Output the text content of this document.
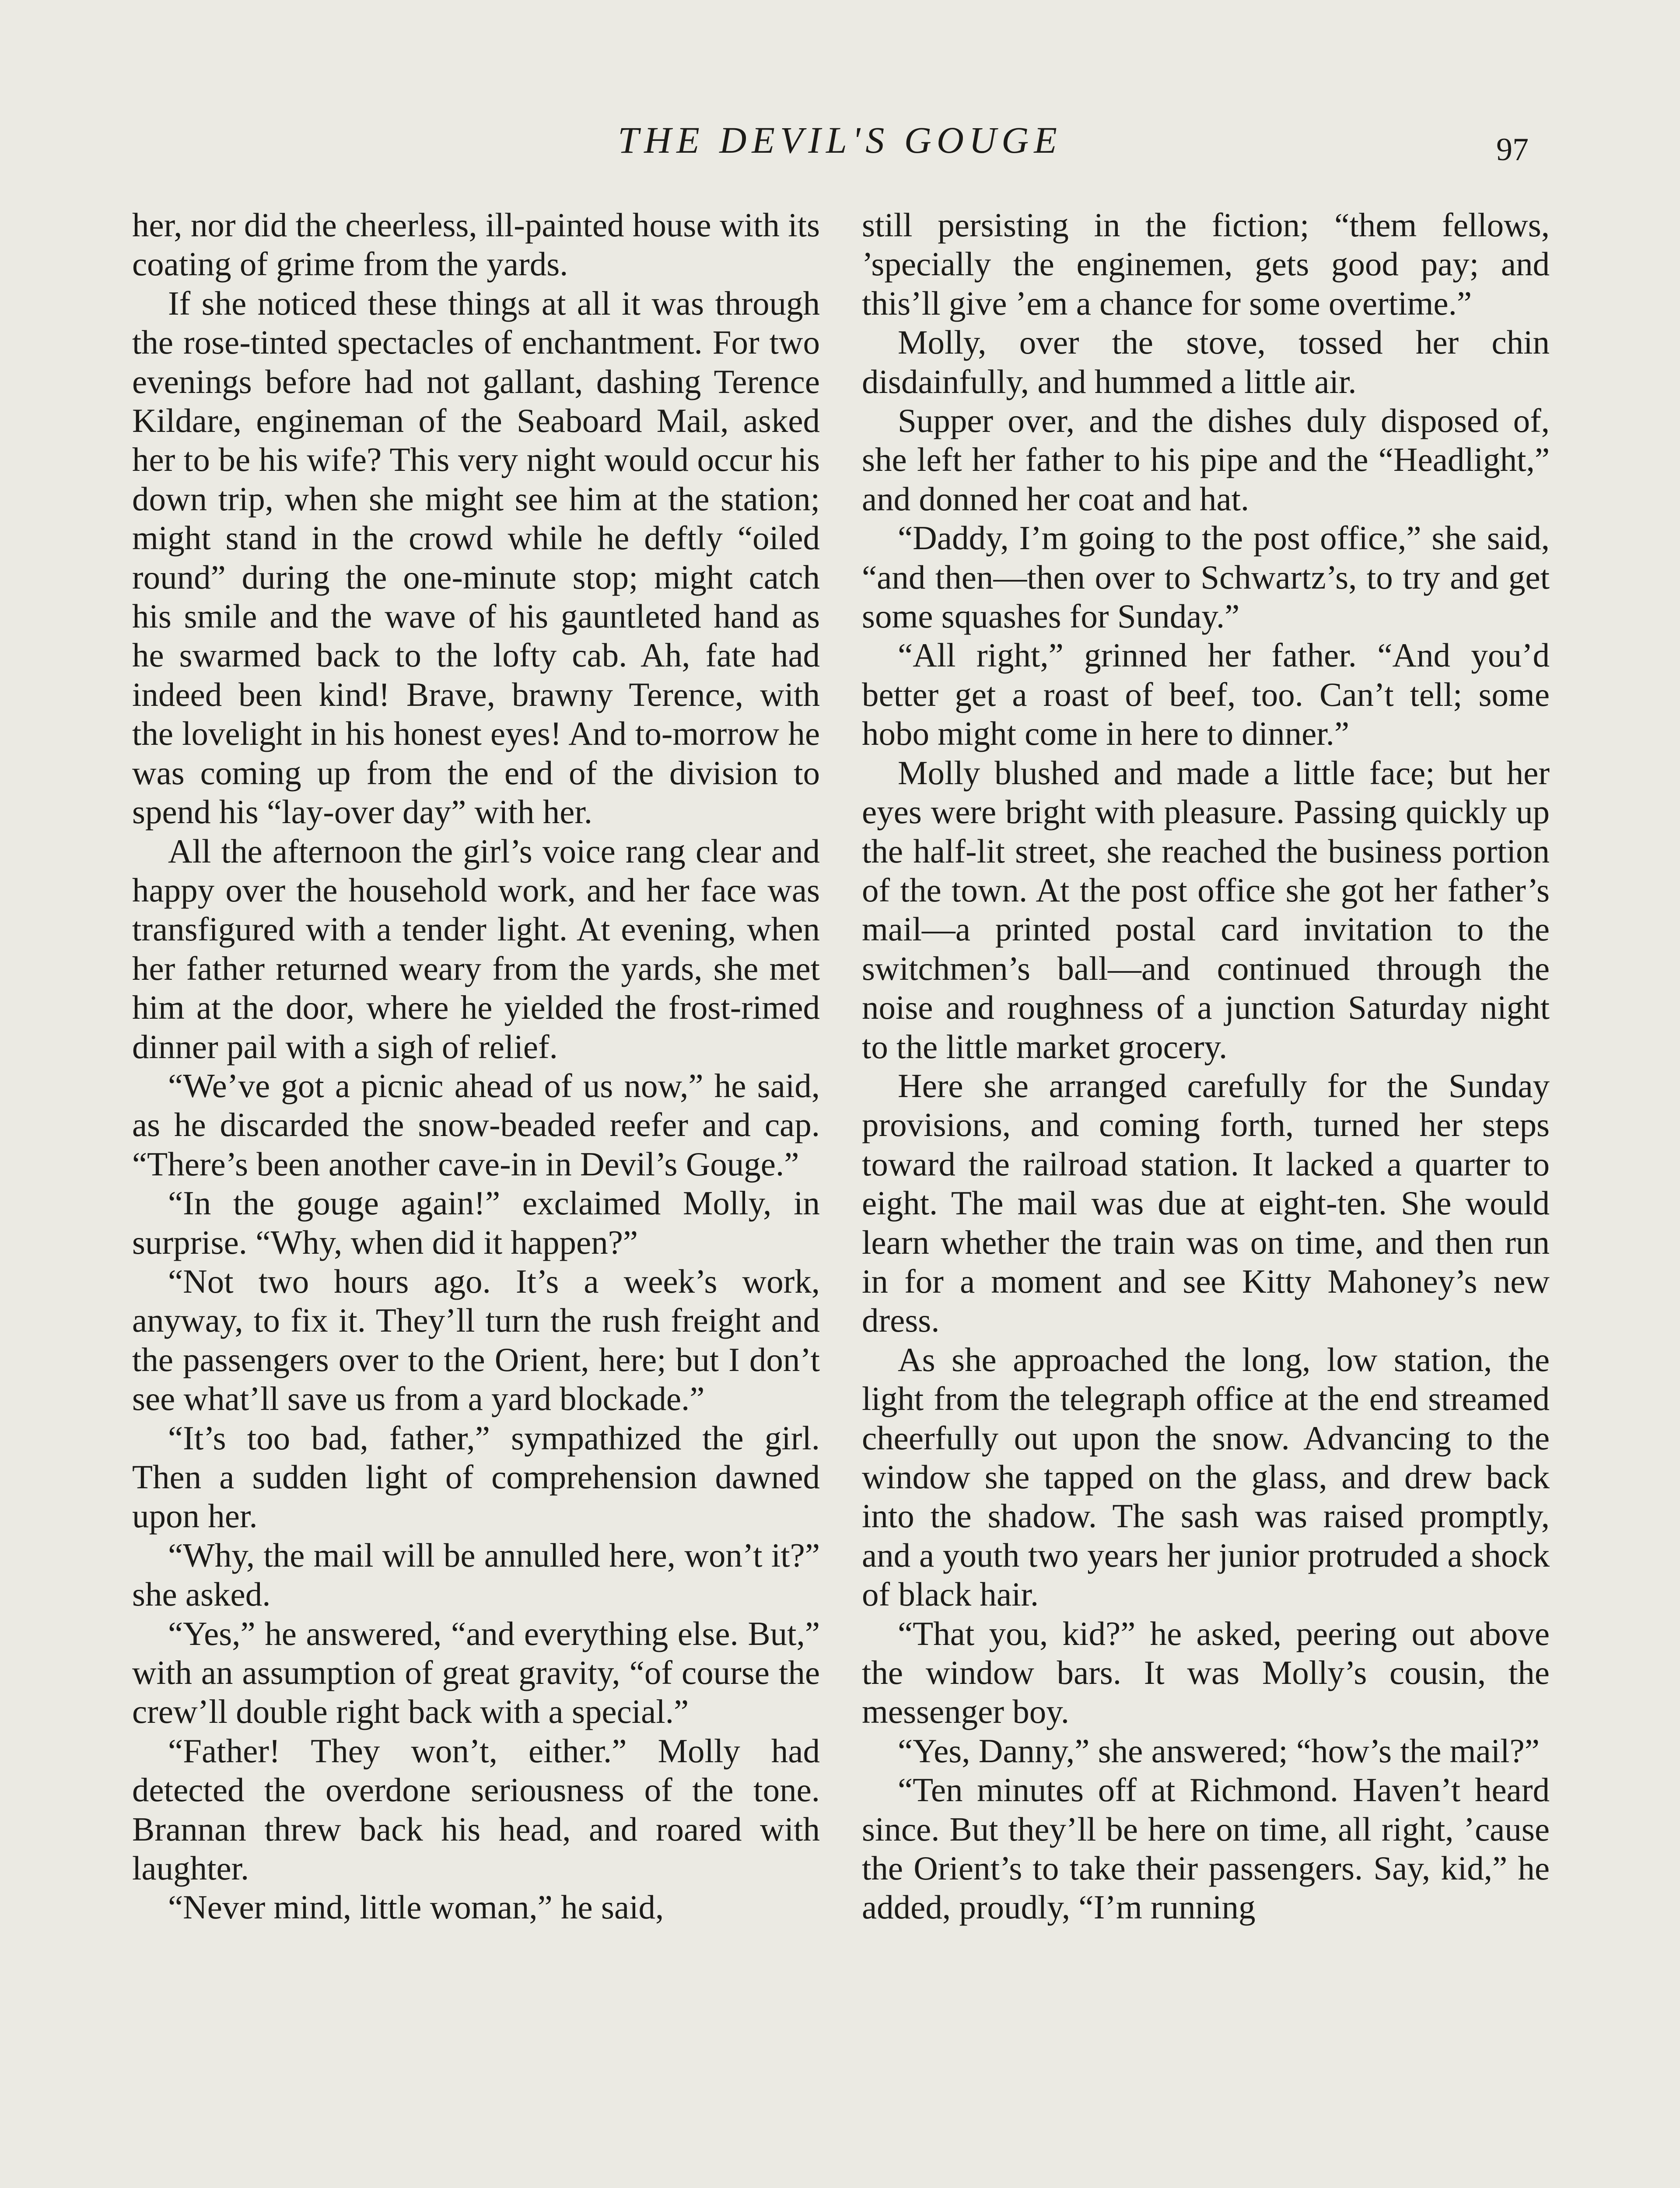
THE DEVIL'S GOUGE	97

her, nor did the cheerless, ill-painted house with its coating of grime from the yards.

If she noticed these things at all it was through the rose-tinted spectacles of enchantment. For two evenings before had not gallant, dashing Terence Kildare, engineman of the Seaboard Mail, asked her to be his wife? This very night would occur his down trip, when she might see him at the station; might stand in the crowd while he deftly “oiled round” during the one-minute stop; might catch his smile and the wave of his gauntleted hand as he swarmed back to the lofty cab. Ah, fate had indeed been kind! Brave, brawny Terence, with the lovelight in his honest eyes! And to-morrow he was coming up from the end of the division to spend his “lay-over day” with her.

All the afternoon the girl’s voice rang clear and happy over the household work, and her face was transfigured with a tender light. At evening, when her father returned weary from the yards, she met him at the door, where he yielded the frost-rimed dinner pail with a sigh of relief.

“We’ve got a picnic ahead of us now,” he said, as he discarded the snow-beaded reefer and cap. “There’s been another cave-in in Devil’s Gouge.”

“In the gouge again!” exclaimed Molly, in surprise. “Why, when did it happen?”

“Not two hours ago. It’s a week’s work, anyway, to fix it. They’ll turn the rush freight and the passengers over to the Orient, here; but I don’t see what’ll save us from a yard blockade.”

“It’s too bad, father,” sympathized the girl. Then a sudden light of comprehension dawned upon her.

“Why, the mail will be annulled here, won’t it?” she asked.

“Yes,” he answered, “and everything else. But,” with an assumption of great gravity, “of course the crew’ll double right back with a special.”

“Father! They won’t, either.” Molly had detected the overdone seriousness of the tone. Brannan threw back his head, and roared with laughter.

“Never mind, little woman,” he said,

still persisting in the fiction; “them fellows, ’specially the enginemen, gets good pay; and this’ll give ’em a chance for some overtime.”

Molly, over the stove, tossed her chin disdainfully, and hummed a little air.

Supper over, and the dishes duly disposed of, she left her father to his pipe and the “Headlight,” and donned her coat and hat.

“Daddy, I’m going to the post office,” she said, “and then—then over to Schwartz’s, to try and get some squashes for Sunday.”

“All right,” grinned her father. “And you’d better get a roast of beef, too. Can’t tell; some hobo might come in here to dinner.”

Molly blushed and made a little face; but her eyes were bright with pleasure. Passing quickly up the half-lit street, she reached the business portion of the town. At the post office she got her father’s mail—a printed postal card invitation to the switchmen’s ball—and continued through the noise and roughness of a junction Saturday night to the little market grocery.

Here she arranged carefully for the Sunday provisions, and coming forth, turned her steps toward the railroad station. It lacked a quarter to eight. The mail was due at eight-ten. She would learn whether the train was on time, and then run in for a moment and see Kitty Mahoney’s new dress.

As she approached the long, low station, the light from the telegraph office at the end streamed cheerfully out upon the snow. Advancing to the window she tapped on the glass, and drew back into the shadow. The sash was raised promptly, and a youth two years her junior protruded a shock of black hair.

“That you, kid?” he asked, peering out above the window bars. It was Molly’s cousin, the messenger boy.

“Yes, Danny,” she answered; “how’s the mail?”

“Ten minutes off at Richmond. Haven’t heard since. But they’ll be here on time, all right, ’cause the Orient’s to take their passengers. Say, kid,” he added, proudly, “I’m running
